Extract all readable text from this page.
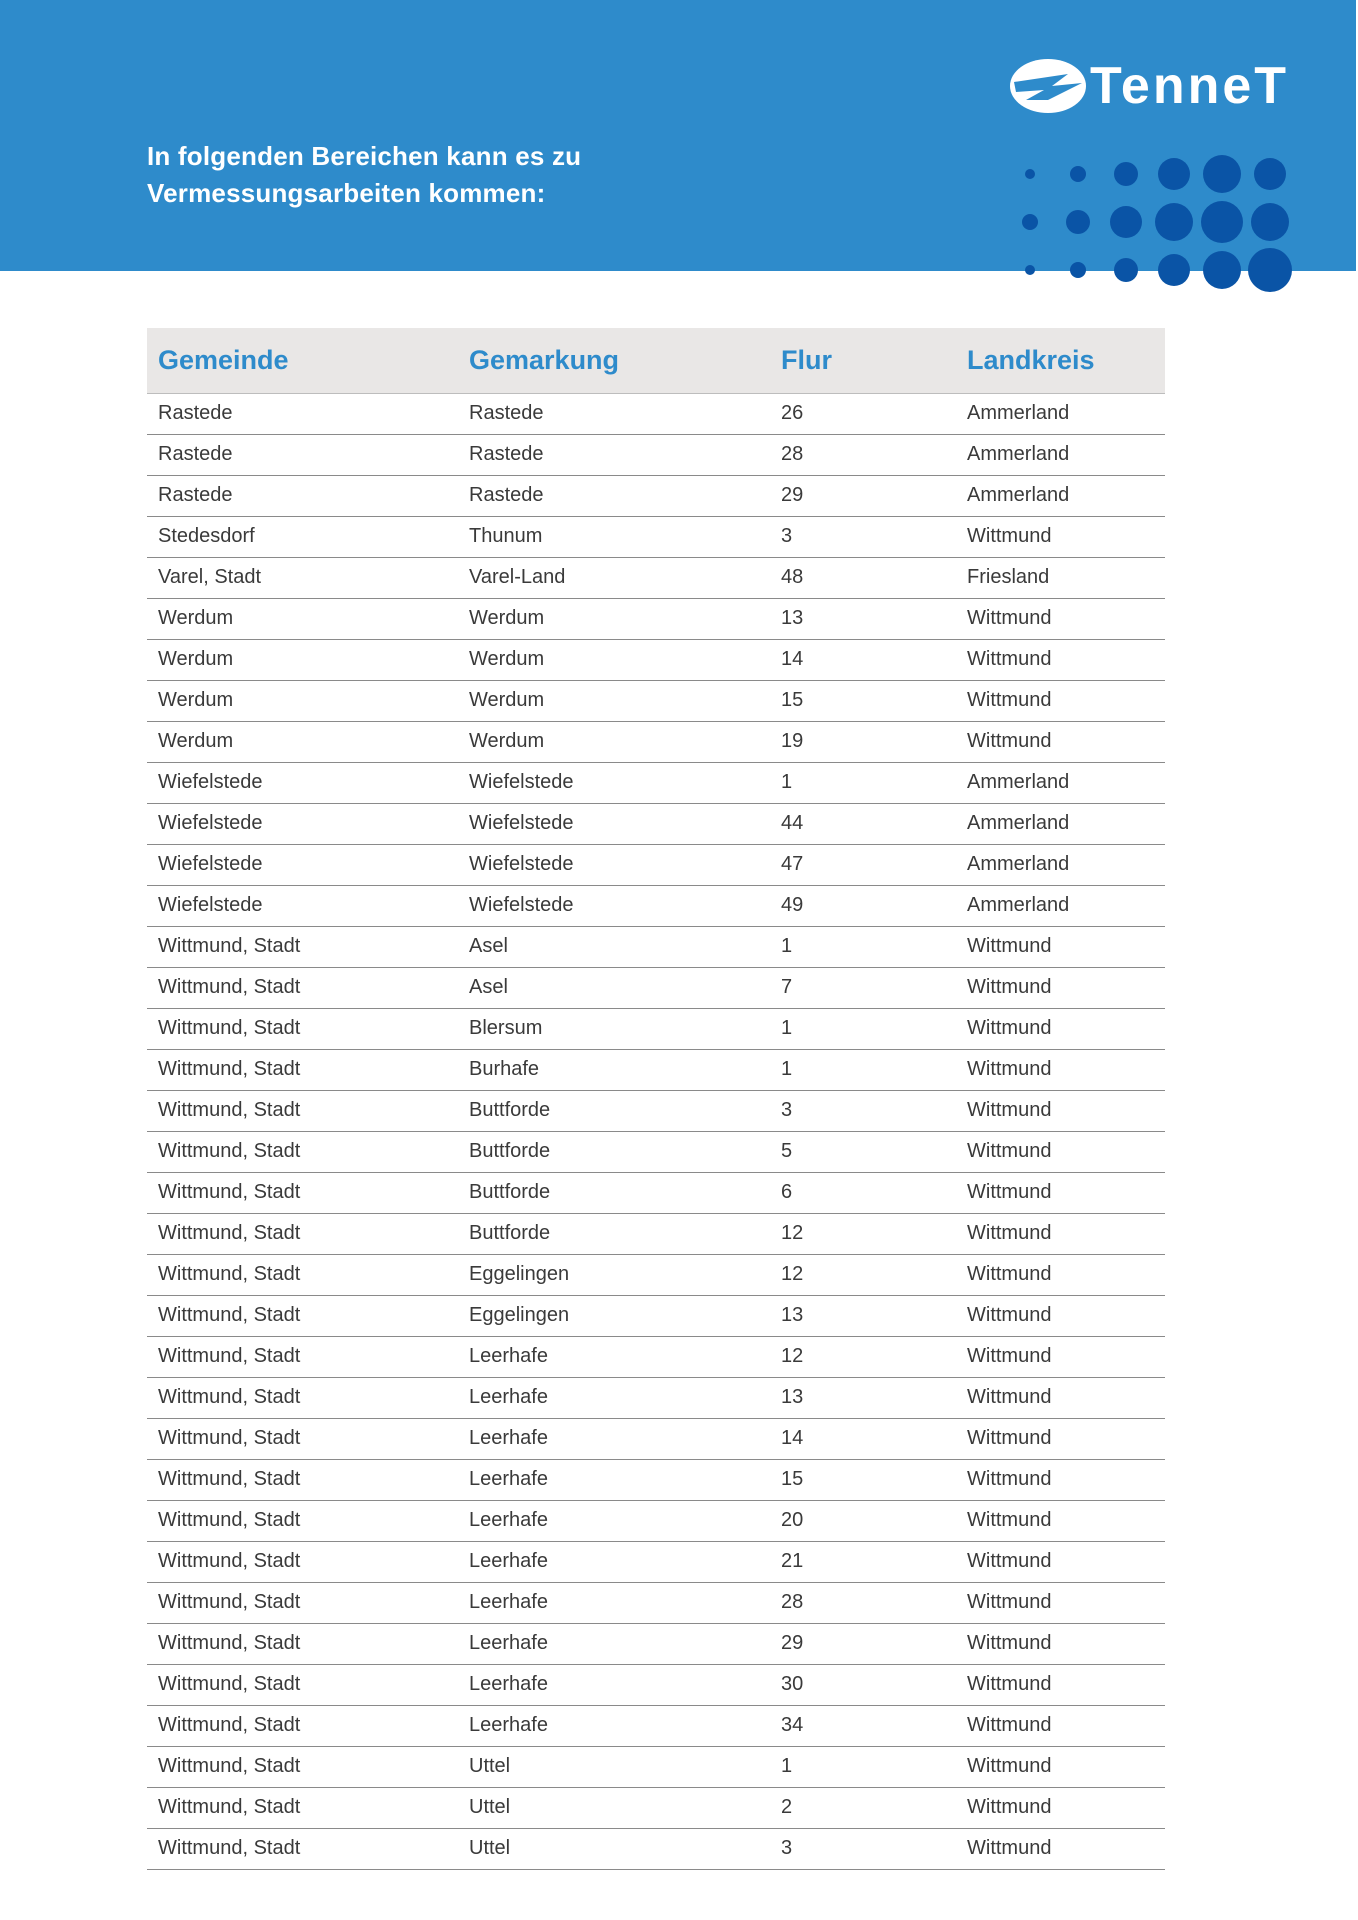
In folgenden Bereichen kann es zu
Vermessungsarbeiten kommen:
TenneT
Gemeinde	Gemarkung	Flur	Landkreis
Rastede	Rastede	26	Ammerland
Rastede	Rastede	28	Ammerland
Rastede	Rastede	29	Ammerland
Stedesdorf	Thunum	3	Wittmund
Varel, Stadt	Varel-Land	48	Friesland
Werdum	Werdum	13	Wittmund
Werdum	Werdum	14	Wittmund
Werdum	Werdum	15	Wittmund
Werdum	Werdum	19	Wittmund
Wiefelstede	Wiefelstede	1	Ammerland
Wiefelstede	Wiefelstede	44	Ammerland
Wiefelstede	Wiefelstede	47	Ammerland
Wiefelstede	Wiefelstede	49	Ammerland
Wittmund, Stadt	Asel	1	Wittmund
Wittmund, Stadt	Asel	7	Wittmund
Wittmund, Stadt	Blersum	1	Wittmund
Wittmund, Stadt	Burhafe	1	Wittmund
Wittmund, Stadt	Buttforde	3	Wittmund
Wittmund, Stadt	Buttforde	5	Wittmund
Wittmund, Stadt	Buttforde	6	Wittmund
Wittmund, Stadt	Buttforde	12	Wittmund
Wittmund, Stadt	Eggelingen	12	Wittmund
Wittmund, Stadt	Eggelingen	13	Wittmund
Wittmund, Stadt	Leerhafe	12	Wittmund
Wittmund, Stadt	Leerhafe	13	Wittmund
Wittmund, Stadt	Leerhafe	14	Wittmund
Wittmund, Stadt	Leerhafe	15	Wittmund
Wittmund, Stadt	Leerhafe	20	Wittmund
Wittmund, Stadt	Leerhafe	21	Wittmund
Wittmund, Stadt	Leerhafe	28	Wittmund
Wittmund, Stadt	Leerhafe	29	Wittmund
Wittmund, Stadt	Leerhafe	30	Wittmund
Wittmund, Stadt	Leerhafe	34	Wittmund
Wittmund, Stadt	Uttel	1	Wittmund
Wittmund, Stadt	Uttel	2	Wittmund
Wittmund, Stadt	Uttel	3	Wittmund
